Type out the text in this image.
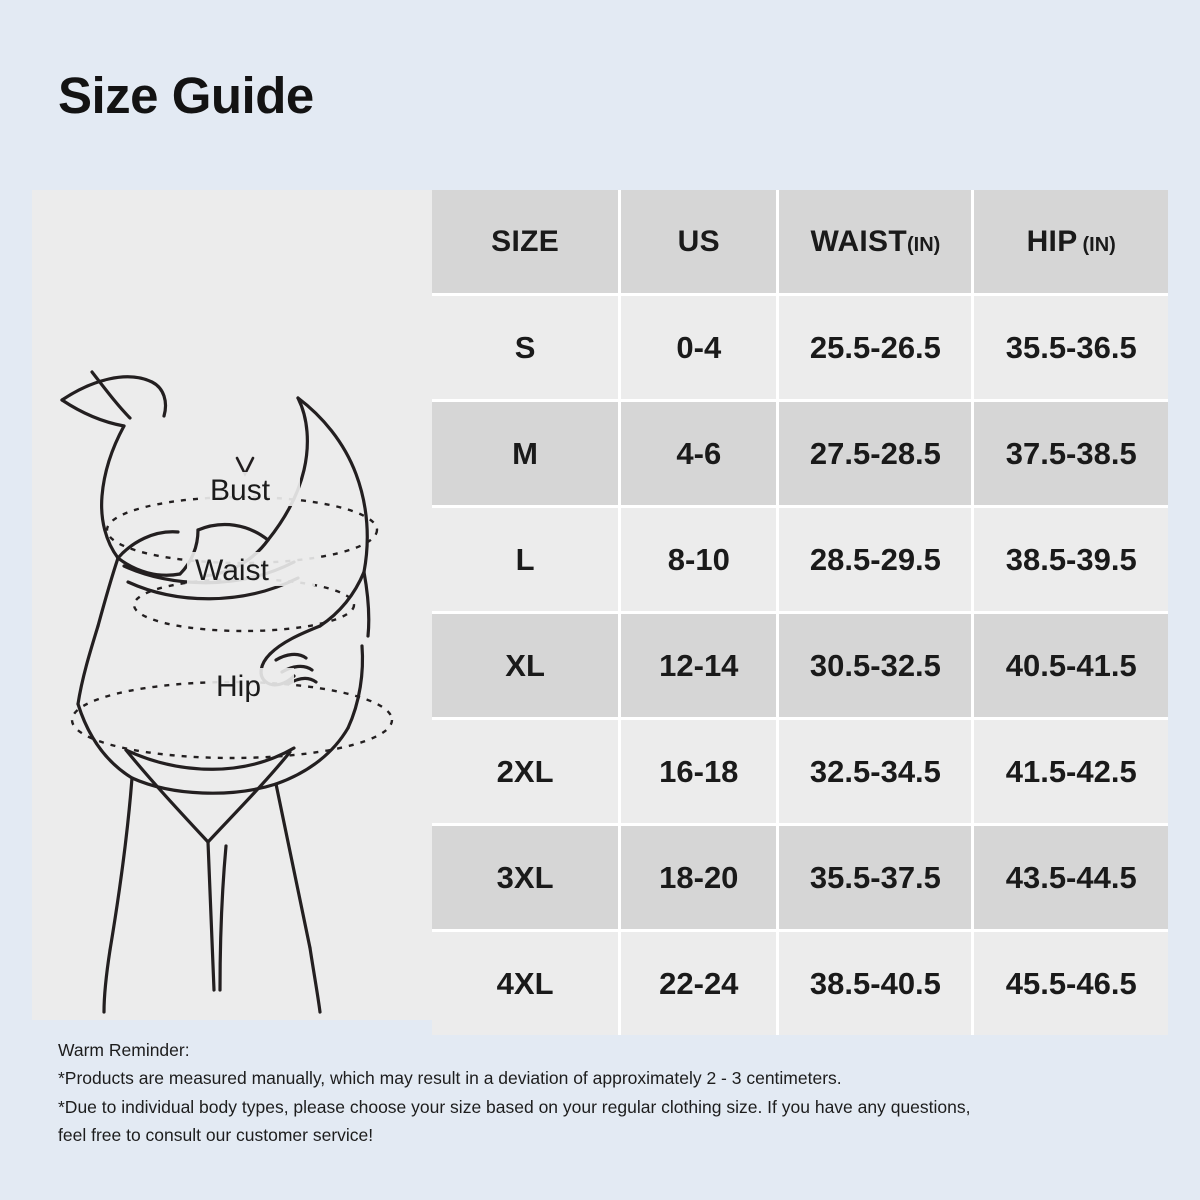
Size Guide
Bust
Waist
Hip
SIZE	US	WAIST(IN)	HIP (IN)
S	0-4	25.5-26.5	35.5-36.5
M	4-6	27.5-28.5	37.5-38.5
L	8-10	28.5-29.5	38.5-39.5
XL	12-14	30.5-32.5	40.5-41.5
2XL	16-18	32.5-34.5	41.5-42.5
3XL	18-20	35.5-37.5	43.5-44.5
4XL	22-24	38.5-40.5	45.5-46.5
Warm Reminder:
*Products are measured manually, which may result in a deviation of approximately 2 - 3 centimeters.
*Due to individual body types, please choose your size based on your regular clothing size. If you have any questions,
feel free to consult our customer service!
